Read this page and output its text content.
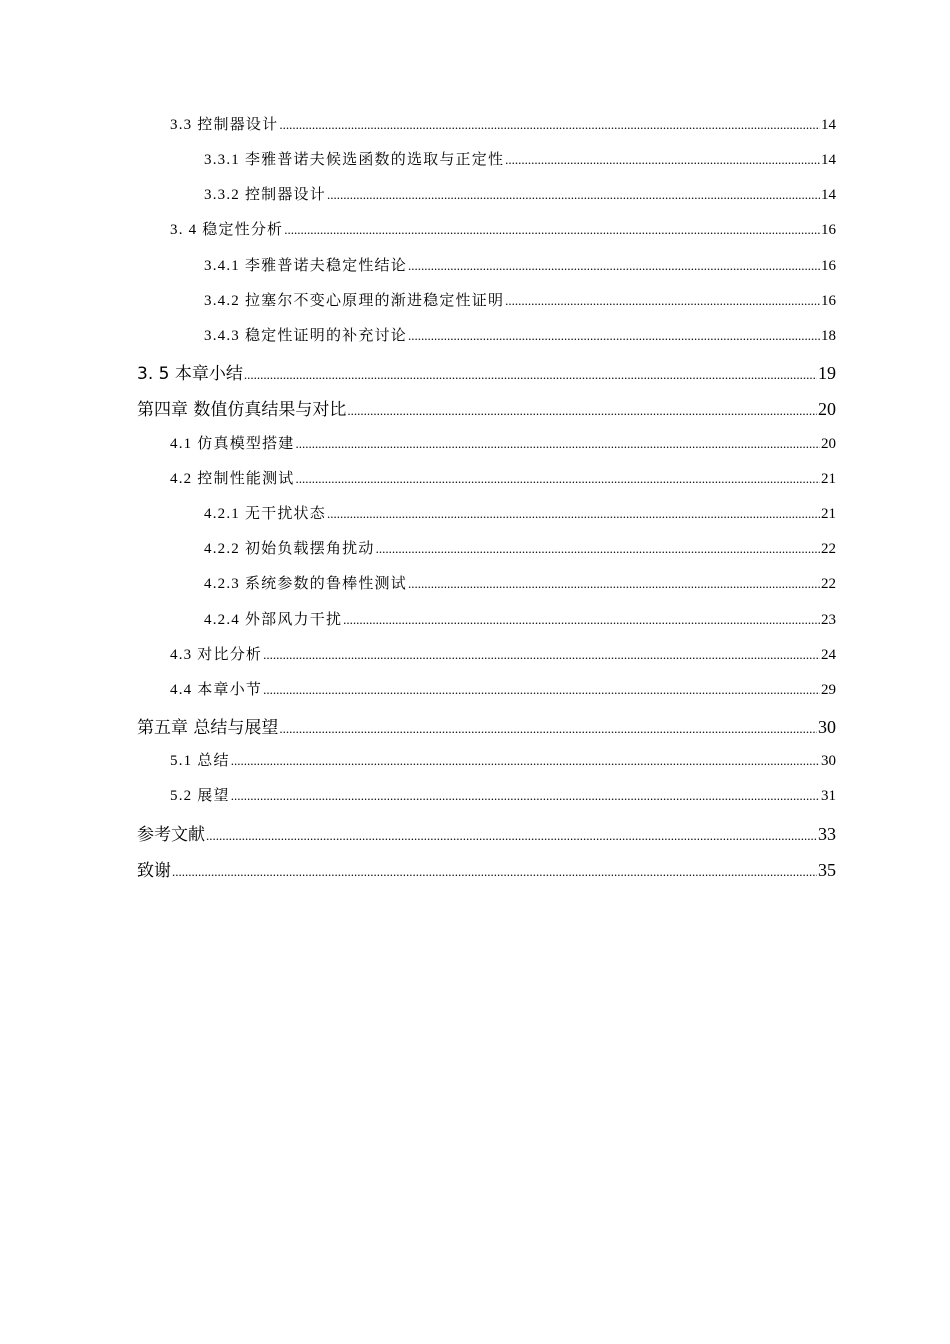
3.3 控制器设计 .....	14
3.3.1 李雅普诺夫候选函数的选取与正定性 .....	14
3.3.2 控制器设计 .....	14
3. 4 稳定性分析 .....	16
3.4.1 李雅普诺夫稳定性结论 .....	16
3.4.2 拉塞尔不变心原理的渐进稳定性证明 .....	16
3.4.3 稳定性证明的补充讨论 .....	18
3. 5 本章小结 .....	19
第四章 数值仿真结果与对比 .....	20
4.1 仿真模型搭建 .....	20
4.2 控制性能测试 .....	21
4.2.1 无干扰状态 .....	21
4.2.2 初始负载摆角扰动 .....	22
4.2.3 系统参数的鲁棒性测试 .....	22
4.2.4 外部风力干扰 .....	23
4.3 对比分析 .....	24
4.4 本章小节 .....	29
第五章 总结与展望 .....	30
5.1 总结 .....	30
5.2 展望 .....	31
参考文献 .....	33
致谢 .....	35
